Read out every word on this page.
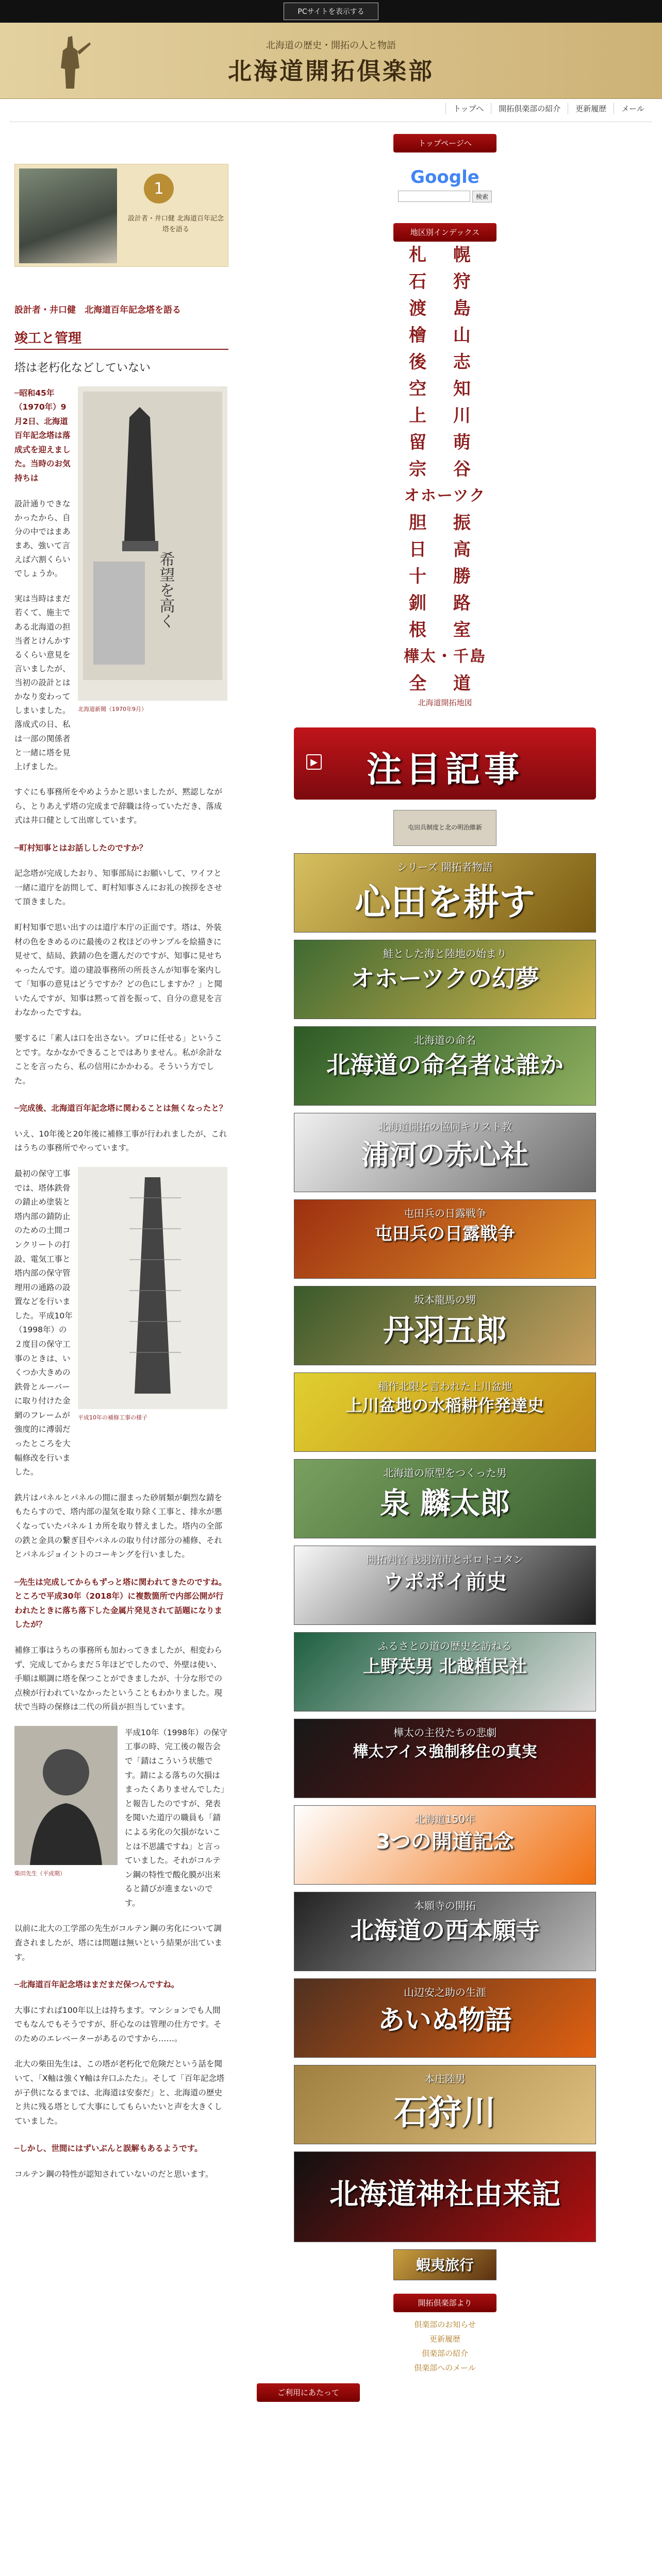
PCサイトを表示する
北海道の歴史・開拓の人と物語
北海道開拓倶楽部
トップへ	開拓倶楽部の紹介	更新履歴	メール
1
設計者・井口健 北海道百年記念塔を語る
設計者・井口健　北海道百年記念塔を語る
竣工と管理
塔は老朽化などしていない
─昭和45年（1970年）9月2日、北海道百年記念塔は落成式を迎えました。当時のお気持ちは
設計通りできなかったから、自分の中ではまあまあ、強いて言えば六割くらいでしょうか。
実は当時はまだ若くて、施主である北海道の担当者とけんかするくらい意見を言いましたが、当初の設計とはかなり変わってしまいました。落成式の日、私は一部の関係者と一緒に塔を見上げました。
希望を高く
北海道新聞（1970年9月）
すぐにも事務所をやめようかと思いましたが、黙認しながら、とりあえず塔の完成まで辞職は待っていただき、落成式は井口健として出席しています。
─町村知事とはお話ししたのですか？
記念塔が完成したおり、知事部局にお願いして、ワイフと一緒に道庁を訪問して、町村知事さんにお礼の挨拶をさせて頂きました。
町村知事で思い出すのは道庁本庁の正面です。塔は、外装材の色をきめるのに最後の２枚ほどのサンプルを絵描きに見せて、結局、鉄錆の色を選んだのですが、知事に見せちゃったんです。道の建設事務所の所長さんが知事を案内して「知事の意見はどうですか？どの色にしますか？」と聞いたんですが、知事は黙って首を振って、自分の意見を言わなかったですね。
要するに「素人は口を出さない。プロに任せる」ということです。なかなかできることではありません。私が余計なことを言ったら、私の信用にかかわる。そういう方でした。
─完成後、北海道百年記念塔に関わることは無くなったと？
いえ、10年後と20年後に補修工事が行われましたが、これはうちの事務所でやっています。
最初の保守工事では、塔体鉄骨の錆止め塗装と塔内部の錆防止のための土間コンクリートの打設、電気工事と塔内部の保守管理用の通路の設置などを行いました。平成10年（1998年）の２度目の保守工事のときは、いくつか大きめの鉄骨とルーバーに取り付けた金網のフレームが強度的に溥弱だったところを大幅修改を行いました。
平成10年の補修工事の様子
鉄片はパネルとパネルの間に溜まった砂屑類が劇烈な錆をもたらすので、塔内部の湿気を取り除く工事と、排水が悪くなっていたパネル１カ所を取り替えました。塔内の全部の鉄と金具の繋ぎ目やパネルの取り付け部分の補修、それとパネルジョイントのコーキングを行いました。
─先生は完成してからもずっと塔に関われてきたのですね。ところで平成30年（2018年）に複数箇所で内部公開が行われたときに落ち落下した金属片発見されて話題になりましたが？
補修工事はうちの事務所も加わってきましたが、相変わらず、完成してからまだ５年ほどでしたので、外壁は使い、手順は順調に塔を保つことができましたが、十分な形での点検が行われていなかったということもわかりました。現状で当時の保修は二代の所員が担当しています。
柴田先生（平成期）
平成10年（1998年）の保守工事の時、完工後の報告会で「錆はこういう状態です。錆による落ちの欠損はまったくありませんでした」と報告したのですが、発表を聞いた道庁の職員も「錆による劣化の欠損がないことは不思議ですね」と言っていました。それがコルテン鋼の特性で酸化膜が出来ると錆びが進まないのです。
以前に北大の工学部の先生がコルテン鋼の劣化について調査されましたが、塔には問題は無いという結果が出ています。
─北海道百年記念塔はまだまだ保つんですね。
大事にすれば100年以上は持ちます。マンションでも人間でもなんでもそうですが、肝心なのは管理の仕方です。そのためのエレベーターがあるのですから……。
北大の柴田先生は、この塔が老朽化で危険だという話を聞いて、「X軸は強くY軸は弁口ふたた」。そして「百年記念塔が子供になるまでは、北海道は安泰だ」と、北海道の歴史と共に残る塔として大事にしてもらいたいと声を大きくしていました。
─しかし、世間にはずいぶんと誤解もあるようです。
コルテン鋼の特性が認知されていないのだと思います。
トップページへ
Google
検索
地区別インデックス
札 幌
石 狩
渡 島
檜 山
後 志
空 知
上 川
留 萌
宗 谷
オホーツク
胆 振
日 高
十 勝
釧 路
根 室
樺太・千島
全 道
北海道開拓地図
▶	注目記事
屯田兵制度と北の明治維新
心田を耕す
シリーズ 開拓者物語
オホーツクの幻夢
鮭とした海と陸地の始まり
北海道の命名者は誰か
北海道の命名
浦河の赤心社
北海道開拓の協同キリスト教
屯田兵の日露戦争
屯田兵の日露戦争
丹羽五郎
坂本龍馬の甥
上川盆地の水稲耕作発達史
稲作北限と言われた上川盆地
泉 麟太郎
北海道の原型をつくった男
ウポポイ前史
開拓判官 浅羽靖市とポロトコタン
上野英男 北越植民社
ふるさとの道の歴史を訪ねる
樺太アイヌ強制移住の真実
樺太の主役たちの悲劇
3つの開道記念
北海道150年
北海道の西本願寺
本願寺の開拓
あいぬ物語
山辺安之助の生涯
石狩川
本庄陸男
北海道神社由来記
蝦夷旅行
開拓倶楽部より
倶楽部のお知らせ
更新履歴
倶楽部の紹介
倶楽部へのメール
ご利用にあたって
